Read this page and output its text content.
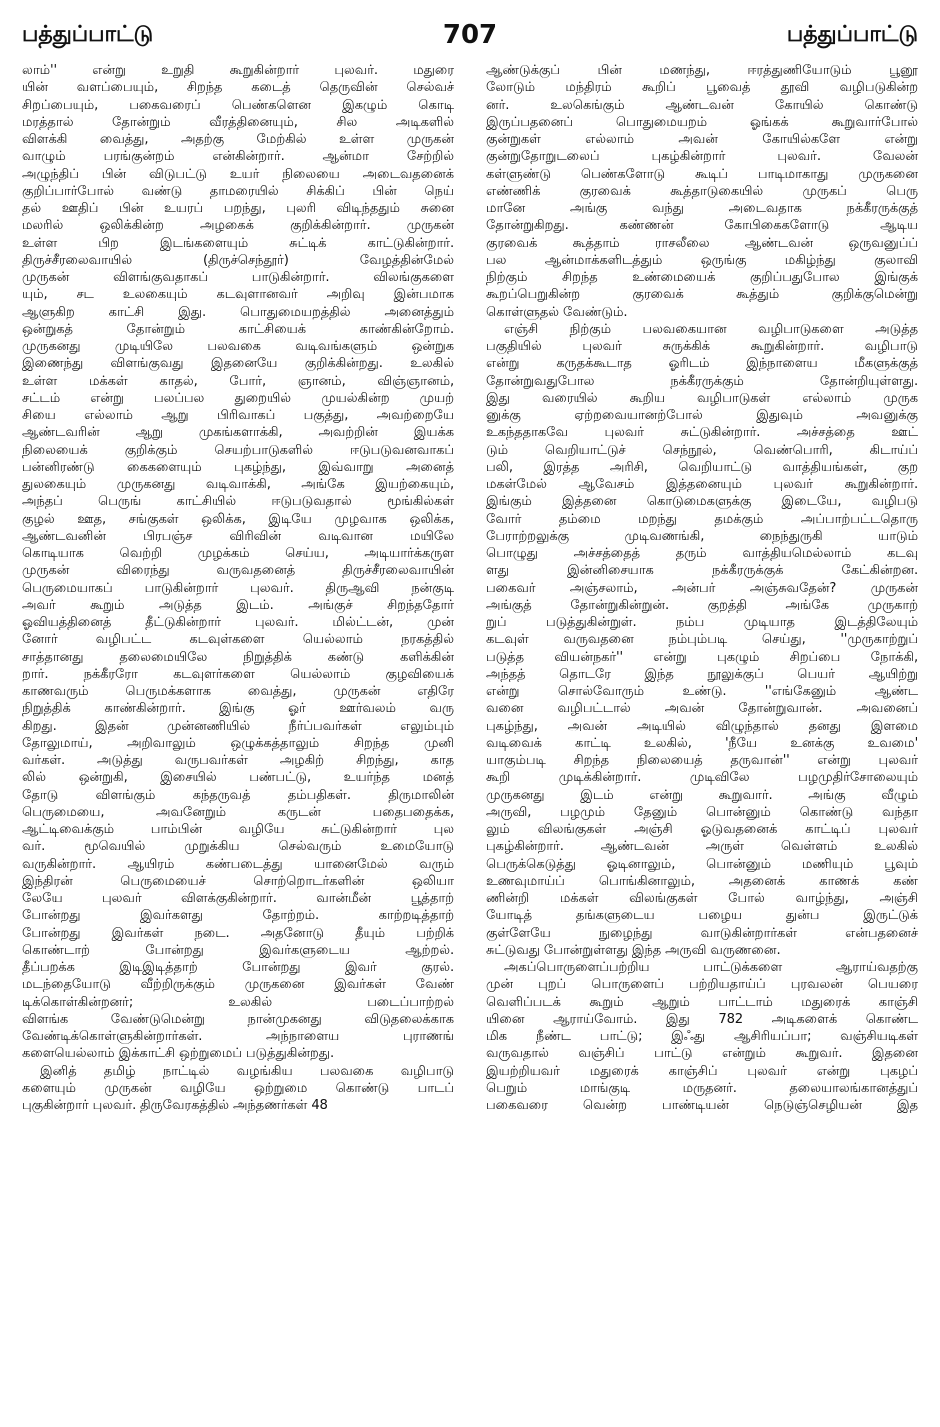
பத்துப்பாட்டு	707	பத்துப்பாட்டு
லாம்'' என்று உறுதி கூறுகின்றார் புலவர். மதுரை
யின் வளப்பையும், சிறந்த கடைத் தெருவின் செல்வச்
சிறப்பையும், பகைவரைப் பெண்களென இகழும் கொடி
மரத்தால் தோன்றும் வீரத்தினையும், சில அடிகளில்
விளக்கி வைத்து, அதற்கு மேற்கில் உள்ள முருகன்
வாழும் பரங்குன்றம் என்கின்றார். ஆன்மா சேற்றில்
அழுந்திப் பின் விடுபட்டு உயர் நிலையை அடைவதனைக்
குறிப்பார்போல் வண்டு தாமரையில் சிக்கிப் பின் நெய்
தல் ஊதிப் பின் உயரப் பறந்து, புலரி விடிந்ததும் சுனை
மலரில் ஒலிக்கின்ற அழகைக் குறிக்கின்றார். முருகன்
உள்ள பிற இடங்களையும் சுட்டிக் காட்டுகின்றார்.
திருச்சீரலைவாயில் (திருச்செந்தூர்) வேழத்தின்மேல்
முருகன் விளங்குவதாகப் பாடுகின்றார். விலங்குகளை
யும், சட உலகையும் கடவுளானவர் அறிவு இன்பமாக
ஆளுகிற காட்சி இது. பொதுமையறத்தில் அனைத்தும்
ஒன்றுகத் தோன்றும் காட்சியைக் காண்கின்றோம்.
முருகனது முடியிலே பலவகை வடிவங்களும் ஒன்றுக
இணைந்து விளங்குவது இதனையே குறிக்கின்றது. உலகில்
உள்ள மக்கள் காதல், போர், ஞானம், விஞ்ஞானம்,
சட்டம் என்று பலப்பல துறையில் முயல்கின்ற முயற்
சியை எல்லாம் ஆறு பிரிவாகப் பகுத்து, அவற்றையே
ஆண்டவரின் ஆறு முகங்களாக்கி, அவற்றின் இயக்க
நிலையைக் குறிக்கும் செயற்பாடுகளில் ஈடுபடுவனவாகப்
பன்னிரண்டு கைகளையும் புகழ்ந்து, இவ்வாறு அனைத்
துலகையும் முருகனது வடிவாக்கி, அங்கே இயற்கையும்,
அந்தப் பெருங் காட்சியில் ஈடுபடுவதால் மூங்கில்கள்
குழல் ஊத, சங்குகள் ஒலிக்க, இடியே முழவாக ஒலிக்க,
ஆண்டவனின் பிரபஞ்ச விரிவின் வடிவான மயிலே
கொடியாக வெற்றி முழக்கம் செய்ய, அடியார்க்கருள
முருகன் விரைந்து வருவதனைத் திருச்சீரலைவாயின்
பெருமையாகப் பாடுகின்றார் புலவர். திருஆவி நன்குடி
அவர் கூறும் அடுத்த இடம். அங்குச் சிறந்ததோர்
ஓவியத்தினைத் தீட்டுகின்றார் புலவர். மில்ட்டன், முன்
னோர் வழிபட்ட கடவுள்களை யெல்லாம் நரகத்தில்
சாத்தானது தலைமையிலே நிறுத்திக் கண்டு களிக்கின்
றார். நக்கீரரோ கடவுளர்களை யெல்லாம் குழவியைக்
காணவரும் பெருமக்களாக வைத்து, முருகன் எதிரே
நிறுத்திக் காண்கின்றார். இங்கு ஓர் ஊர்வலம் வரு
கிறது. இதன் முன்னணியில் நீர்ப்பவர்கள் எலும்பும்
தோலுமாய், அறிவாலும் ஒழுக்கத்தாலும் சிறந்த முனி
வர்கள். அடுத்து வருபவர்கள் அழகிற் சிறந்து, காத
லில் ஒன்றுகி, இசையில் பண்பட்டு, உயர்ந்த மனத்
தோடு விளங்கும் கந்தருவத் தம்பதிகள். திருமாலின்
பெருமையை, அவனேறும் கருடன் பதைபதைக்க,
ஆட்டிவைக்கும் பாம்பின் வழியே சுட்டுகின்றார் புல
வர். மூவெயில் முறுக்கிய செல்வரும் உமையோடு
வருகின்றார். ஆயிரம் கண்படைத்து யானைமேல் வரும்
இந்திரன் பெருமையைச் சொற்றொடர்களின் ஒலியா
லேயே புலவர் விளக்குகின்றார். வான்மீன் பூத்தாற்
போன்றது இவர்களது தோற்றம். காற்றடித்தாற்
போன்றது இவர்கள் நடை. அதனோடு தீயும் பற்றிக்
கொண்டாற் போன்றது இவர்களுடைய ஆற்றல்.
தீப்பறக்க இடிஇடித்தாற் போன்றது இவர் குரல்.
மடந்தையோடு வீற்றிருக்கும் முருகனை இவர்கள் வேண்
டிக்கொள்கின்றனர்; உலகில் படைப்பாற்றல்
விளங்க வேண்டுமென்று நான்முகனது விடுதலைக்காக
வேண்டிக்கொள்ளுகின்றார்கள். அந்நாளைய புராணங்
களையெல்லாம் இக்காட்சி ஒற்றுமைப் படுத்துகின்றது.
இனித் தமிழ் நாட்டில் வழங்கிய பலவகை வழிபாடு
களையும் முருகன் வழியே ஒற்றுமை கொண்டு பாடப்
புகுகின்றார் புலவர். திருவேரகத்தில் அந்தணர்கள் 48
ஆண்டுக்குப் பின் மணந்து, ஈரத்துணியோடும் பூனூ
லோடும் மந்திரம் கூறிப் பூவைத் தூவி வழிபடுகின்ற
னர். உலகெங்கும் ஆண்டவன் கோயில் கொண்டு
இருப்பதனைப் பொதுமையறம் ஓங்கக் கூறுவார்போல்
குன்றுகள் எல்லாம் அவன் கோயில்களே என்று
குன்றுதோறுடலைப் புகழ்கின்றார் புலவர். வேலன்
கள்ளுண்டு பெண்களோடு கூடிப் பாடிமாகாது முருகனை
எண்ணிக் குரவைக் கூத்தாடுகையில் முருகப் பெரு
மானே அங்கு வந்து அடைவதாக நக்கீரருக்குத்
தோன்றுகிறது. கண்ணன் கோபிகைகளோடு ஆடிய
குரவைக் கூத்தாம் ராசலீலை ஆண்டவன் ஒருவனுப்ப்
பல ஆன்மாக்களிடத்தும் ஒருங்கு மகிழ்ந்து குலாவி
நிற்கும் சிறந்த உண்மையைக் குறிப்பதுபோல இங்குக்
கூறப்பெறுகின்ற குரவைக் கூத்தும் குறிக்குமென்று
கொள்ளுதல் வேண்டும்.
எஞ்சி நிற்கும் பலவகையான வழிபாடுகளை அடுத்த
பகுதியில் புலவர் சுருக்கிக் கூறுகின்றார். வழிபாடு
என்று கருதக்கூடாத ஓரிடம் இந்நாளைய மீகளுக்குத்
தோன்றுவதுபோல நக்கீரருக்கும் தோன்றியுள்ளது.
இது வரையில் கூறிய வழிபாடுகள் எல்லாம் முருக
னுக்கு ஏற்றவையானற்போல் இதுவும் அவனுக்கு
உகந்ததாகவே புலவர் சுட்டுகின்றார். அச்சத்தை ஊட்
டும் வெறியாட்டுச் செந்நூல், வெண்பொரி, கிடாய்ப்
பலி, இரத்த அரிசி, வெறியாட்டு வாத்தியங்கள், குற
மகள்மேல் ஆவேசம் இத்தனையும் புலவர் கூறுகின்றார்.
இங்கும் இத்தனை கொடுமைகளுக்கு இடையே, வழிபடு
வோர் தம்மை மறந்து தமக்கும் அப்பாற்பட்டதொரு
பேராற்றலுக்கு முடிவணங்கி, நைந்துருகி யாடும்
பொழுது அச்சத்தைத் தரும் வாத்தியமெல்லாம் கடவு
ளது இன்னிசையாக நக்கீரருக்குக் கேட்கின்றன.
பகைவர் அஞ்சலாம், அன்பர் அஞ்சுவதேன்? முருகன்
அங்குத் தோன்றுகின்றுன். குறத்தி அங்கே முருகாற்
றுப் படுத்துகின்றுள். நம்ப முடியாத இடத்திலேயும்
கடவுள் வருவதனை நம்பும்படி செய்து, ''முருகாற்றுப்
படுத்த வியன்நகர்'' என்று புகழும் சிறப்பை நோக்கி,
அந்தத் தொடரே இந்த நூலுக்குப் பெயர் ஆயிற்று
என்று சொல்வோரும் உண்டு. ''எங்கேனும் ஆண்ட
வனை வழிபட்டால் அவன் தோன்றுவான். அவனைப்
புகழ்ந்து, அவன் அடியில் விழுந்தால் தனது இளமை
வடிவைக் காட்டி உலகில், 'நீயே உனக்கு உவமை'
யாகும்படி சிறந்த நிலையைத் தருவான்'' என்று புலவர்
கூறி முடிக்கின்றார். முடிவிலே பழமுதிர்சோலையும்
முருகனது இடம் என்று கூறுவார். அங்கு வீழும்
அருவி, பழமும் தேனும் பொன்னும் கொண்டு வந்தா
லும் விலங்குகள் அஞ்சி ஓடுவதனைக் காட்டிப் புலவர்
புகழ்கின்றார். ஆண்டவன் அருள் வெள்ளம் உலகில்
பெருக்கெடுத்து ஓடினாலும், பொன்னும் மணியும் பூவும்
உணவுமாய்ப் பொங்கினாலும், அதனைக் காணக் கண்
ணின்றி மக்கள் விலங்குகள் போல் வாழ்ந்து, அஞ்சி
யோடித் தங்களுடைய பழைய துன்ப இருட்டுக்
குள்ளேயே நுழைந்து வாடுகின்றார்கள் என்பதனைச்
சுட்டுவது போன்றுள்ளது இந்த அருவி வருணனை.
அகப்பொருளைப்பற்றிய பாட்டுக்களை ஆராய்வதற்கு
முன் புறப் பொருளைப் பற்றியதாய்ப் புரவலன் பெயரை
வெளிப்படக் கூறும் ஆறும் பாட்டாம் மதுரைக் காஞ்சி
யினை ஆராய்வோம். இது 782 அடிகளைக் கொண்ட
மிக நீண்ட பாட்டு; இஃது ஆசிரியப்பா; வஞ்சியடிகள்
வருவதால் வஞ்சிப் பாட்டு என்றும் கூறுவர். இதனை
இயற்றியவர் மதுரைக் காஞ்சிப் புலவர் என்று புகழப்
பெறும் மாங்குடி மருதனர். தலையாலங்கானத்துப்
பகைவரை வென்ற பாண்டியன் நெடுஞ்செழியன் இத
